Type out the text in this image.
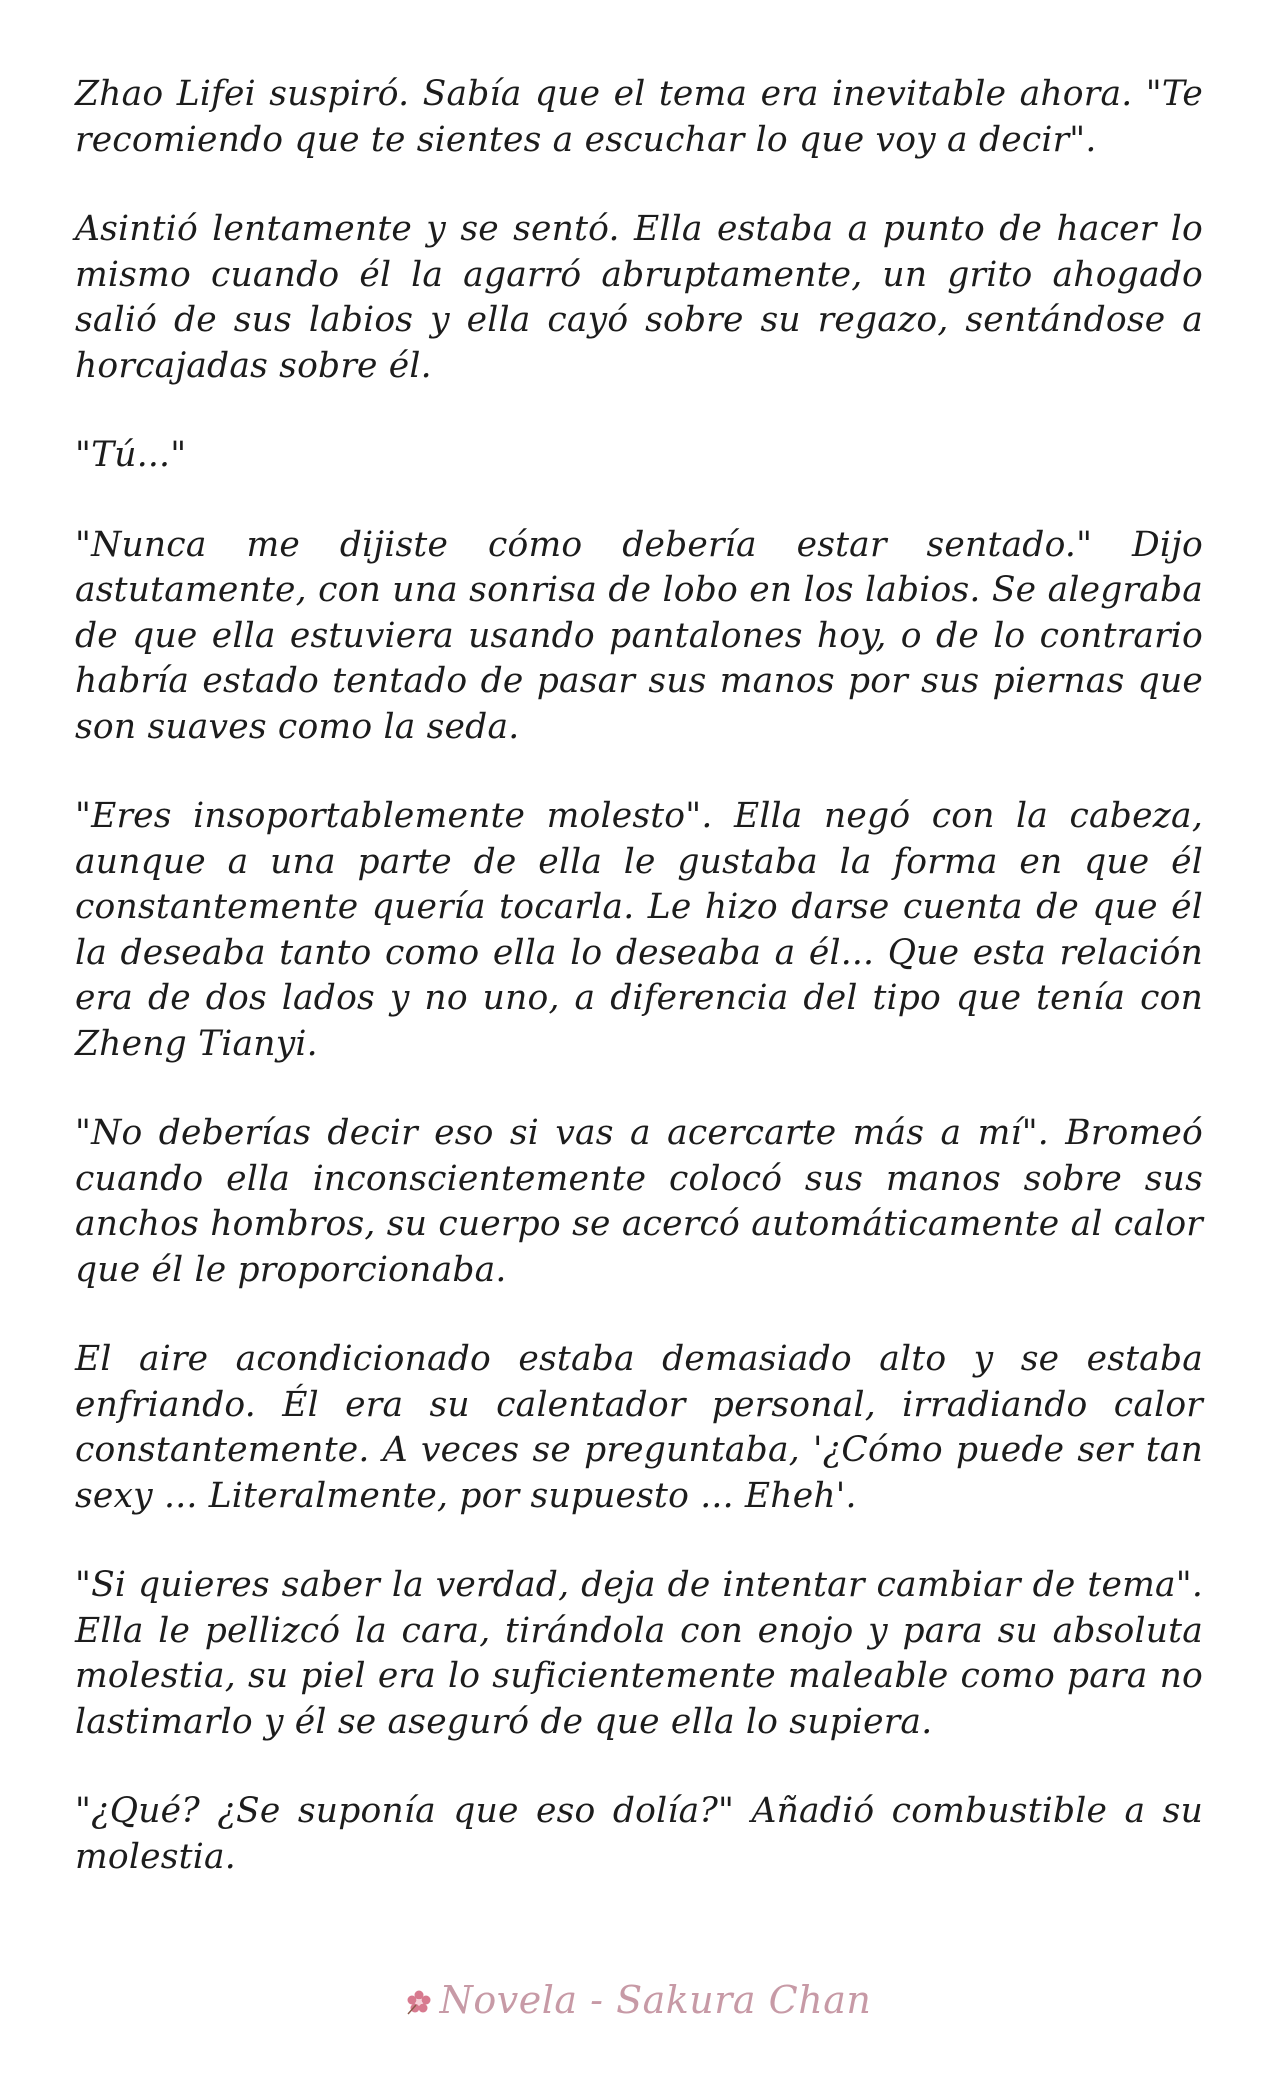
Zhao Lifei suspiró. Sabía que el tema era inevitable ahora. "Te recomiendo que te sientes a escuchar lo que voy a decir".

Asintió lentamente y se sentó. Ella estaba a punto de hacer lo mismo cuando él la agarró abruptamente, un grito ahogado salió de sus labios y ella cayó sobre su regazo, sentándose a horcajadas sobre él.

"Tú..."

"Nunca me dijiste cómo debería estar sentado." Dijo astutamente, con una sonrisa de lobo en los labios. Se alegraba de que ella estuviera usando pantalones hoy, o de lo contrario habría estado tentado de pasar sus manos por sus piernas que son suaves como la seda.

"Eres insoportablemente molesto". Ella negó con la cabeza, aunque a una parte de ella le gustaba la forma en que él constantemente quería tocarla. Le hizo darse cuenta de que él la deseaba tanto como ella lo deseaba a él... Que esta relación era de dos lados y no uno, a diferencia del tipo que tenía con Zheng Tianyi.

"No deberías decir eso si vas a acercarte más a mí". Bromeó cuando ella inconscientemente colocó sus manos sobre sus anchos hombros, su cuerpo se acercó automáticamente al calor que él le proporcionaba.

El aire acondicionado estaba demasiado alto y se estaba enfriando. Él era su calentador personal, irradiando calor constantemente. A veces se preguntaba, '¿Cómo puede ser tan sexy ... Literalmente, por supuesto ... Eheh'.

"Si quieres saber la verdad, deja de intentar cambiar de tema". Ella le pellizcó la cara, tirándola con enojo y para su absoluta molestia, su piel era lo suficientemente maleable como para no lastimarlo y él se aseguró de que ella lo supiera.

"¿Qué? ¿Se suponía que eso dolía?" Añadió combustible a su molestia.

Novela - Sakura Chan
